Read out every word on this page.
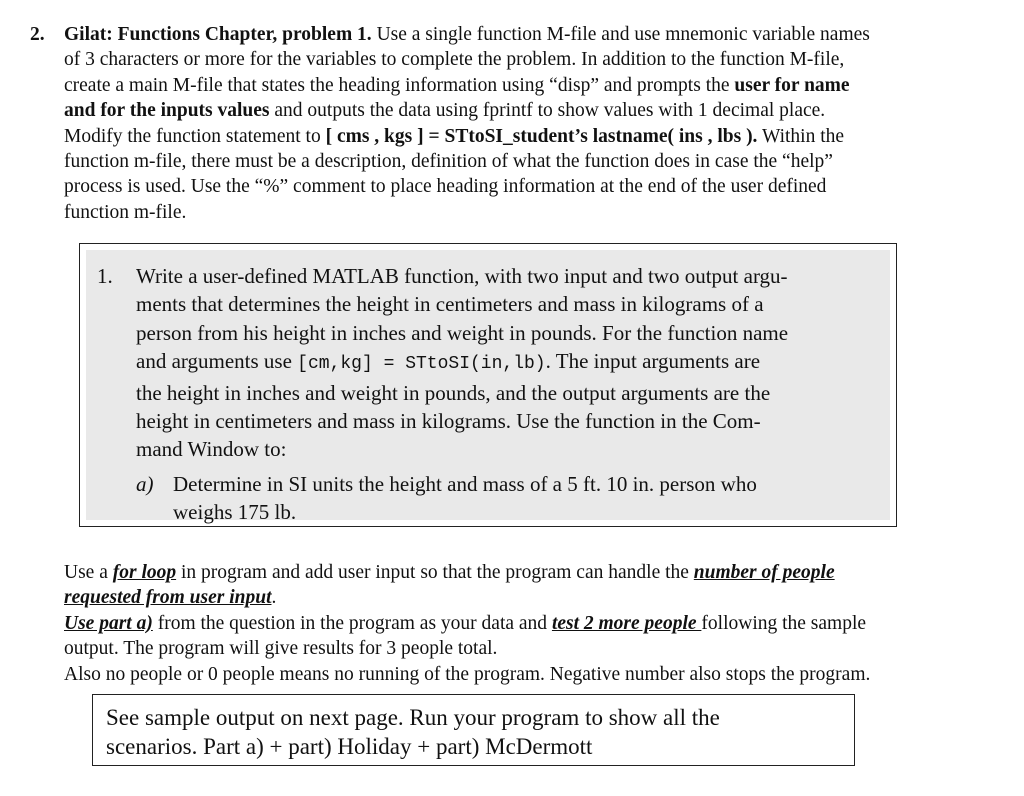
2. Gilat: Functions Chapter, problem 1. Use a single function M-file and use mnemonic variable names
of 3 characters or more for the variables to complete the problem. In addition to the function M-file,
create a main M-file that states the heading information using “disp” and prompts the user for name
and for the inputs values and outputs the data using fprintf to show values with 1 decimal place.
Modify the function statement to [ cms , kgs ] = STtoSI_student’s lastname( ins , lbs ). Within the
function m-file, there must be a description, definition of what the function does in case the “help”
process is used. Use the “%” comment to place heading information at the end of the user defined
function m-file.
1. Write a user-defined MATLAB function, with two input and two output argu-
ments that determines the height in centimeters and mass in kilograms of a
person from his height in inches and weight in pounds. For the function name
and arguments use [cm,kg] = STtoSI(in,lb). The input arguments are
the height in inches and weight in pounds, and the output arguments are the
height in centimeters and mass in kilograms. Use the function in the Com-
mand Window to:
a) Determine in SI units the height and mass of a 5 ft. 10 in. person who
weighs 175 lb.
Use a for loop in program and add user input so that the program can handle the number of people
requested from user input.
Use part a) from the question in the program as your data and test 2 more people following the sample
output. The program will give results for 3 people total.
Also no people or 0 people means no running of the program. Negative number also stops the program.
See sample output on next page. Run your program to show all the
scenarios. Part a) + part) Holiday + part) McDermott
